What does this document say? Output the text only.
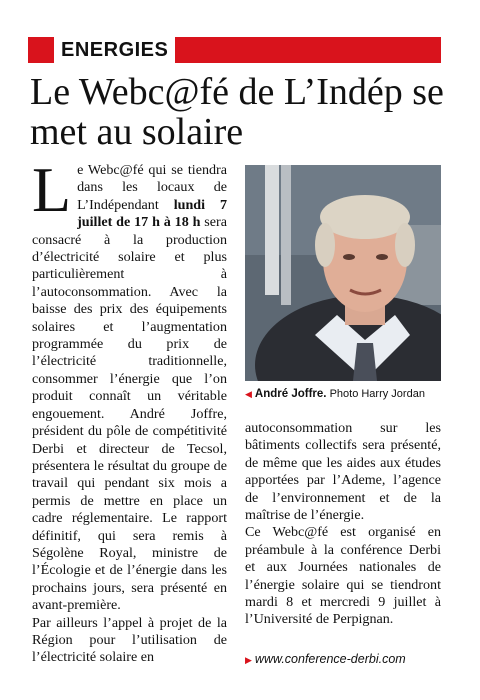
ENERGIES
Le Webc@fé de L’Indép se met au solaire

Le Webc@fé qui se tiendra dans les locaux de L’Indépendant lundi 7 juillet de 17 h à 18 h sera consacré à la production d’électricité solaire et plus particulièrement à l’autoconsommation. Avec la baisse des prix des équipements solaires et l’augmentation programmée du prix de l’électricité traditionnelle, consommer l’énergie que l’on produit connaît un véritable engouement. André Joffre, président du pôle de compétitivité Derbi et directeur de Tecsol, présentera le résultat du groupe de travail qui pendant six mois a permis de mettre en place un cadre réglementaire. Le rapport définitif, qui sera remis à Ségolène Royal, ministre de l’Écologie et de l’énergie dans les prochains jours, sera présenté en avant-première.

Par ailleurs l’appel à projet de la Région pour l’utilisation de l’électricité solaire en

◀ André Joffre. Photo Harry Jordan

autoconsommation sur les bâtiments collectifs sera présenté, de même que les aides aux études apportées par l’Ademe, l’agence de l’environnement et de la maîtrise de l’énergie.

Ce Webc@fé est organisé en préambule à la conférence Derbi et aux Journées nationales de l’énergie solaire qui se tiendront mardi 8 et mercredi 9 juillet à l’Université de Perpignan.

▶ www.conference-derbi.com
